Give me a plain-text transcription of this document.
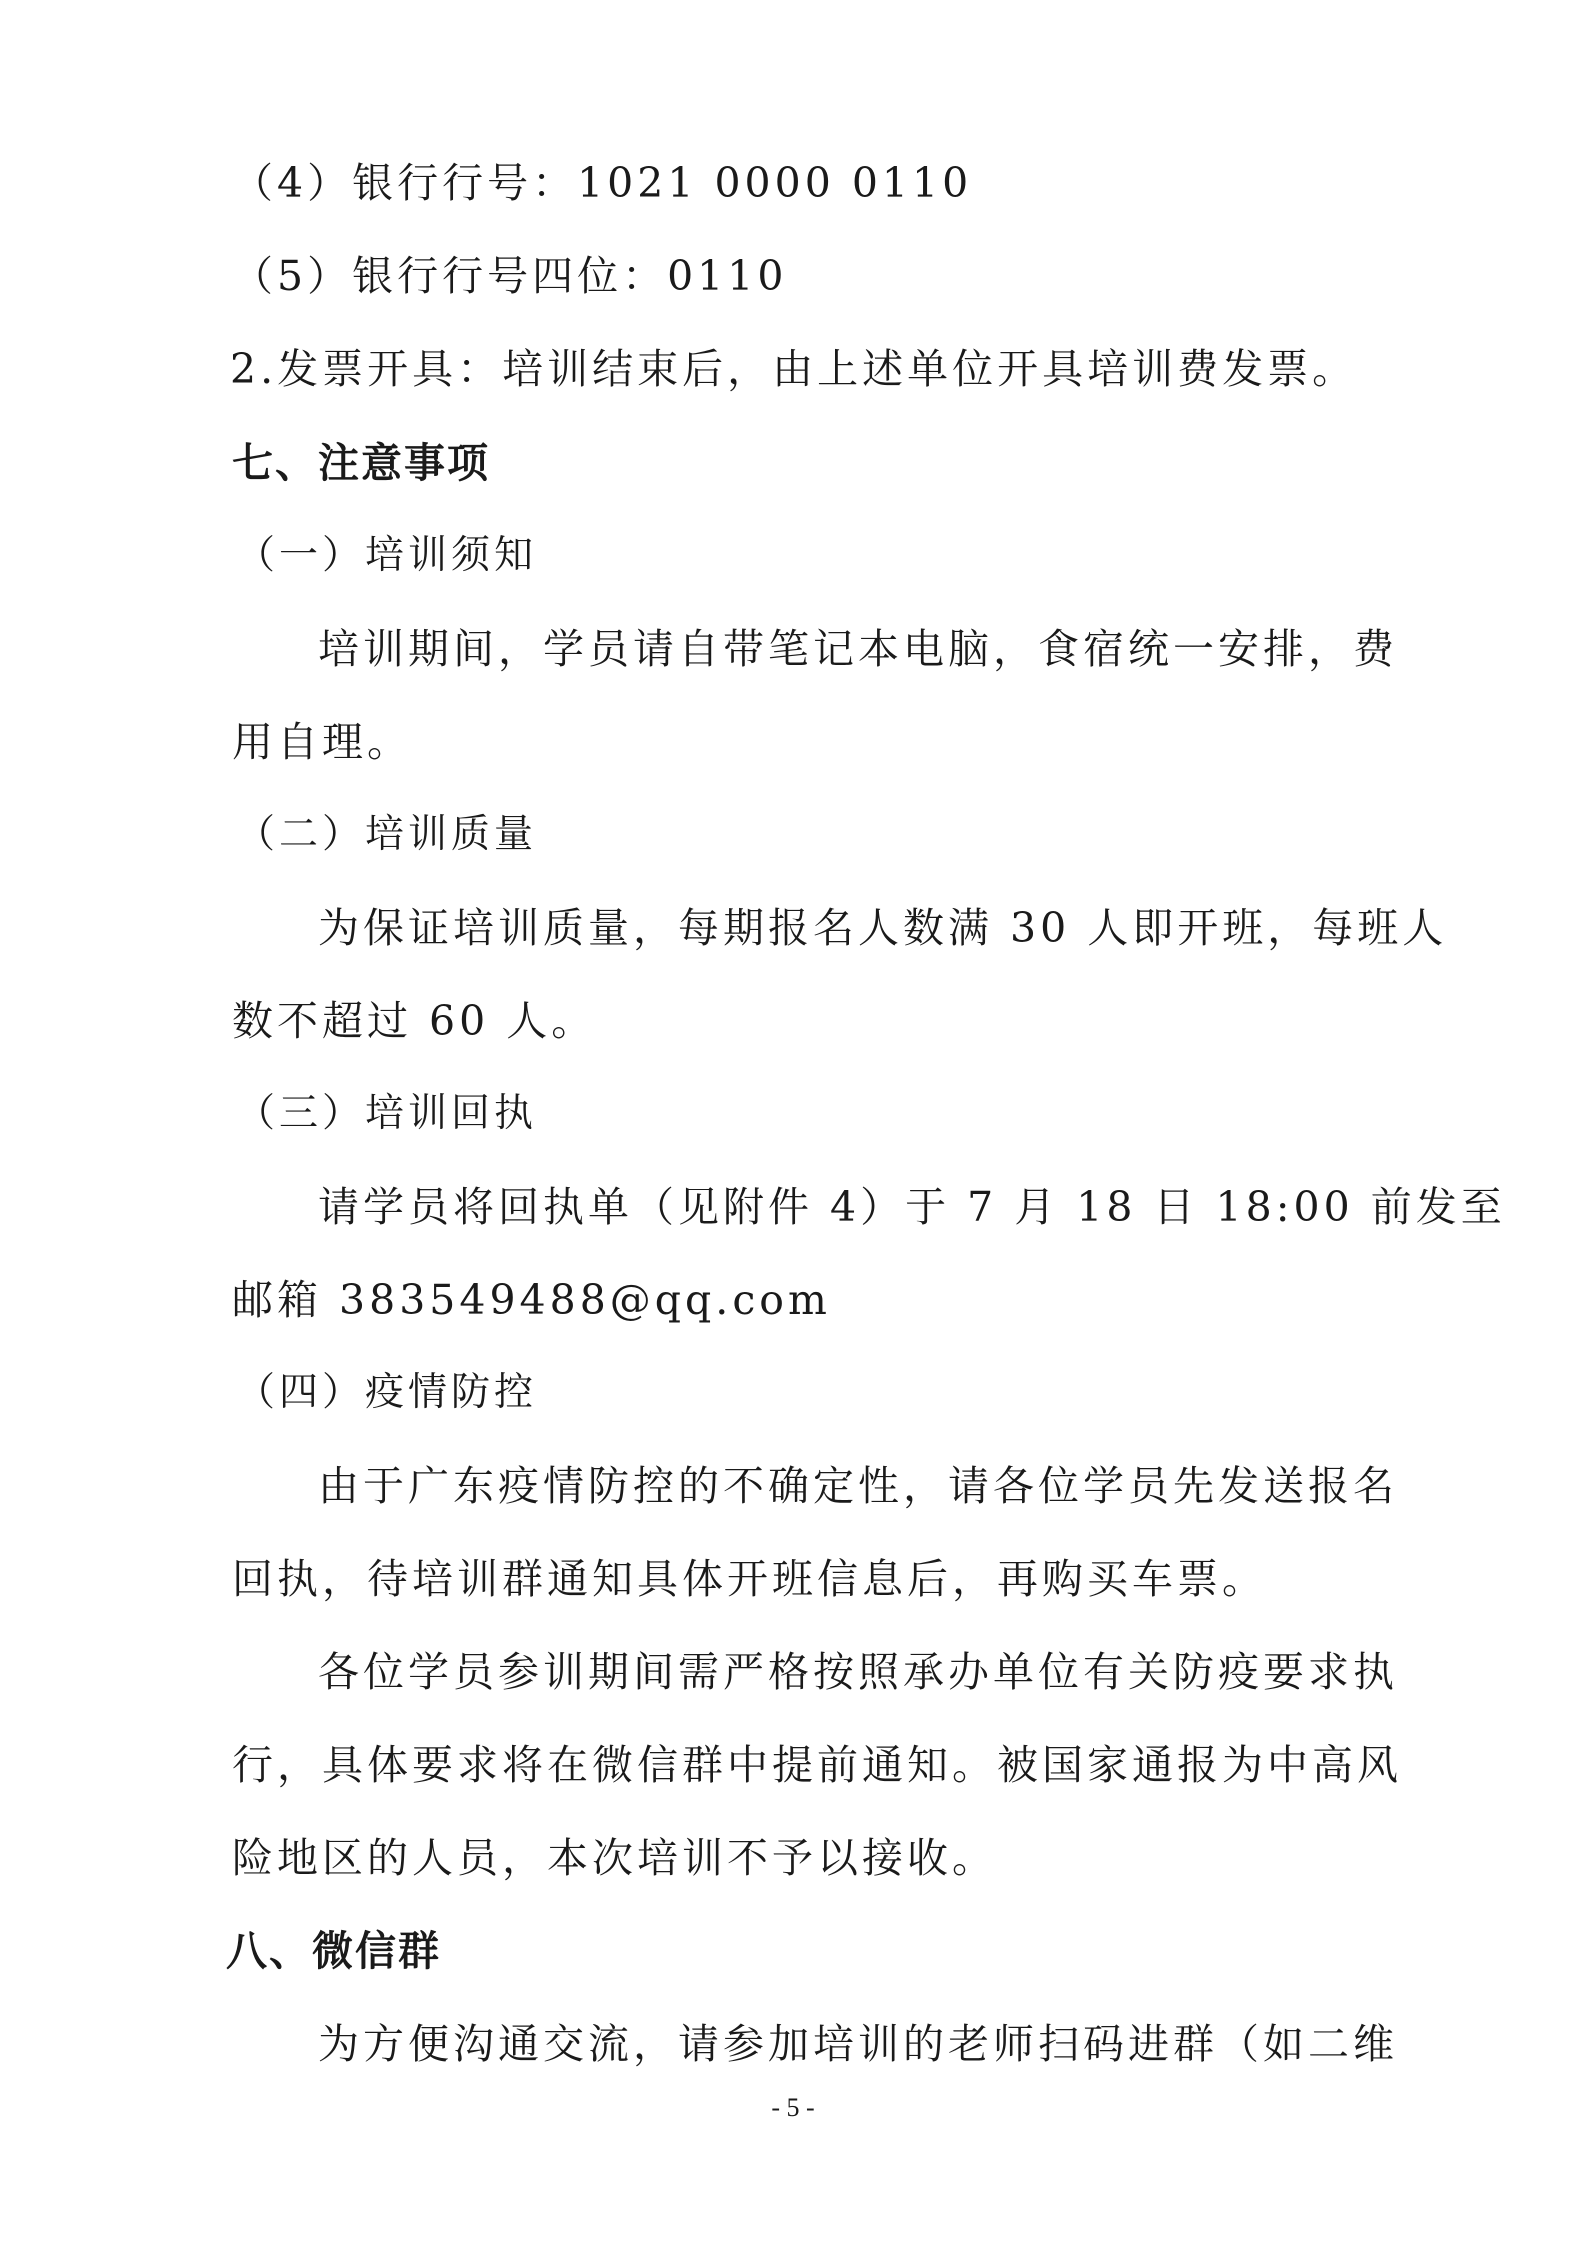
（4）银行行号：1021 0000 0110
（5）银行行号四位：0110
2.发票开具：培训结束后，由上述单位开具培训费发票。
七、注意事项
（一）培训须知
培训期间，学员请自带笔记本电脑，食宿统一安排，费
用自理。
（二）培训质量
为保证培训质量，每期报名人数满 30 人即开班，每班人
数不超过 60 人。
（三）培训回执
请学员将回执单（见附件 4）于 7 月 18 日 18:00 前发至
邮箱 383549488@qq.com
（四）疫情防控
由于广东疫情防控的不确定性，请各位学员先发送报名
回执，待培训群通知具体开班信息后，再购买车票。
各位学员参训期间需严格按照承办单位有关防疫要求执
行，具体要求将在微信群中提前通知。被国家通报为中高风
险地区的人员，本次培训不予以接收。
八、微信群
为方便沟通交流，请参加培训的老师扫码进群（如二维
- 5 -
